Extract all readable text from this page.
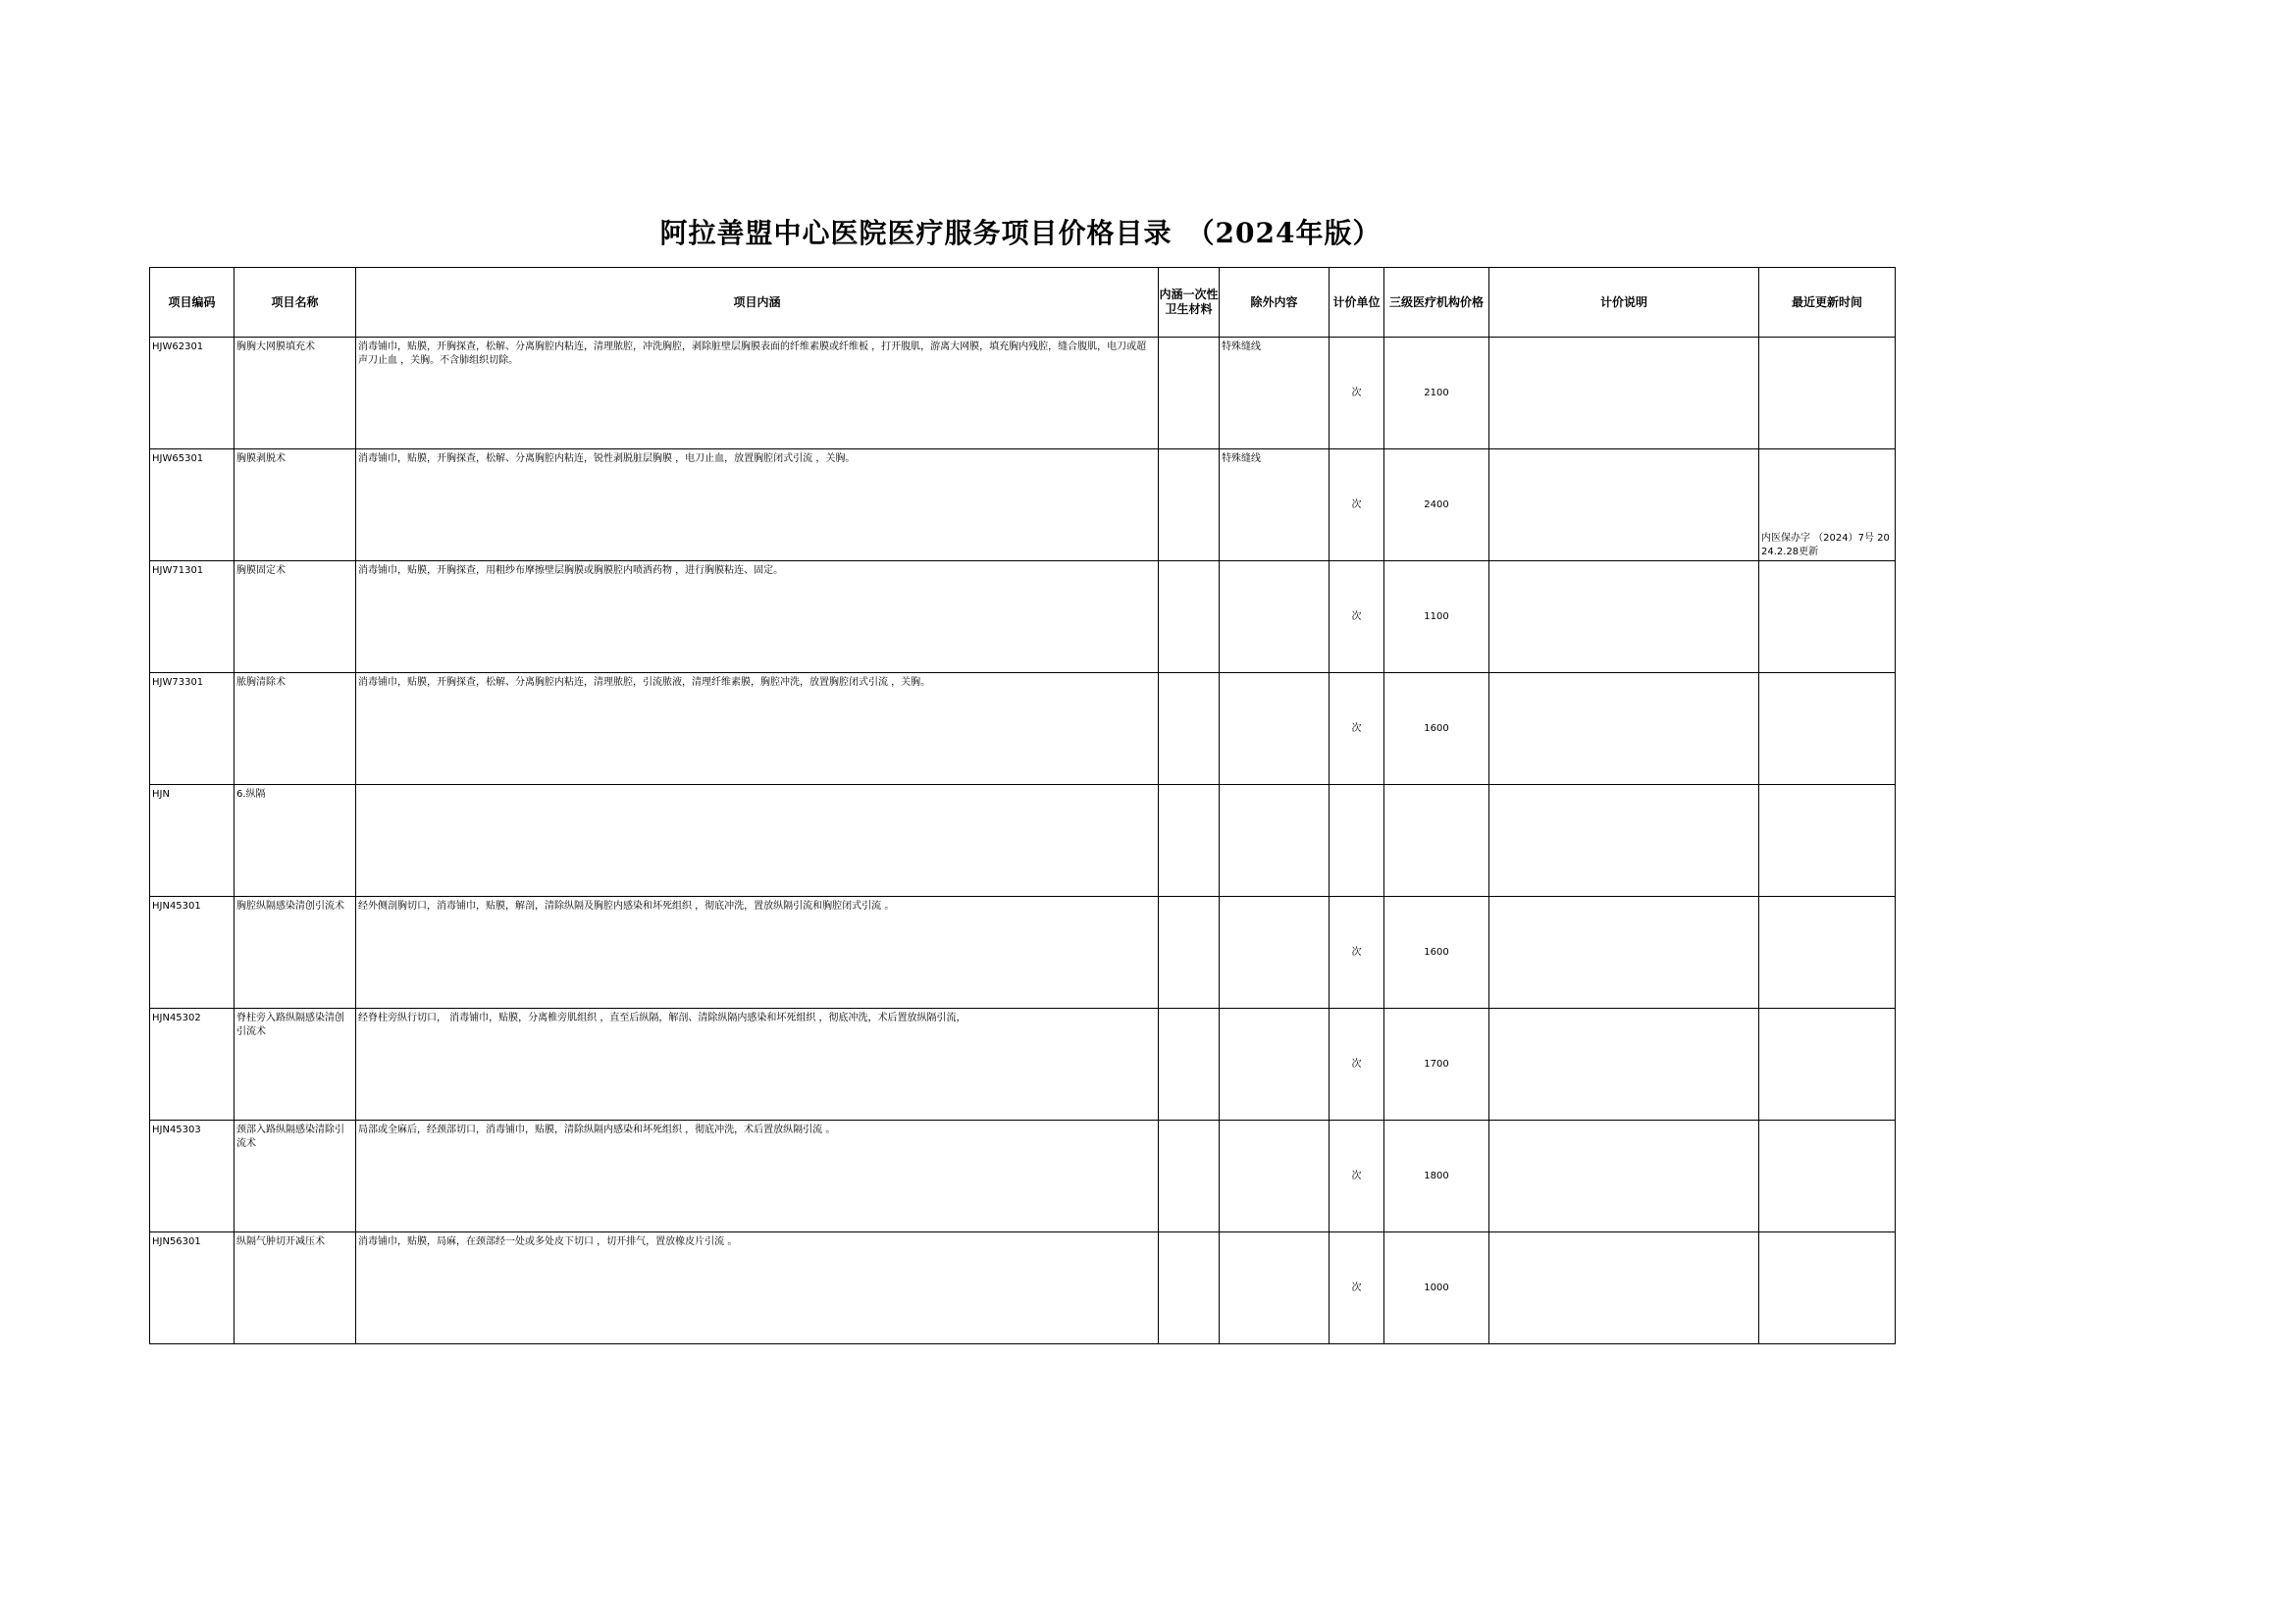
阿拉善盟中心医院医疗服务项目价格目录　（2024年版）
项目编码	项目名称	项目内涵	内涵一次性卫生材料	除外内容	计价单位	三级医疗机构价格	计价说明	最近更新时间

HJW62301	胸胸大网膜填充术	消毒铺巾，贴膜，开胸探查，松解、分离胸腔内粘连，清理脓腔，冲洗胸腔，剥除脏壁层胸膜表面的纤维素膜或纤维板 ，打开腹肌，游离大网膜，填充胸内残腔，缝合腹肌，电刀或超声刀止血 ，关胸。不含肺组织切除。		特殊缝线	次	2100		

HJW65301	胸膜剥脱术	消毒铺巾，贴膜，开胸探查，松解、分离胸腔内粘连，锐性剥脱脏层胸膜 ，电刀止血，放置胸腔闭式引流 ，关胸。		特殊缝线	次	2400		内医保办字 （2024）7号 2024.2.28更新

HJW71301	胸膜固定术	消毒铺巾，贴膜，开胸探查，用粗纱布摩擦壁层胸膜或胸膜腔内喷洒药物 ，进行胸膜粘连、固定。			次	1100		

HJW73301	脓胸清除术	消毒铺巾，贴膜，开胸探查，松解、分离胸腔内粘连，清理脓腔，引流脓液，清理纤维素膜，胸腔冲洗，放置胸腔闭式引流 ，关胸。			次	1600		

HJN	6.纵隔							

HJN45301	胸腔纵隔感染清创引流术	经外侧剖胸切口，消毒铺巾，贴膜，解剖，清除纵隔及胸腔内感染和坏死组织 ，彻底冲洗，置放纵隔引流和胸腔闭式引流 。			次	1600		

HJN45302	脊柱旁入路纵隔感染清创引流术	经脊柱旁纵行切口， 消毒铺巾，贴膜，分离椎旁肌组织 ，直至后纵隔，解剖、清除纵隔内感染和坏死组织 ，彻底冲洗，术后置放纵隔引流，			次	1700		

HJN45303	颈部入路纵隔感染清除引流术	局部或全麻后，经颈部切口，消毒铺巾，贴膜，清除纵隔内感染和坏死组织 ，彻底冲洗，术后置放纵隔引流 。			次	1800		

HJN56301	纵隔气肿切开减压术	消毒铺巾，贴膜，局麻，在颈部经一处或多处皮下切口 ，切开排气，置放橡皮片引流 。			次	1000		
